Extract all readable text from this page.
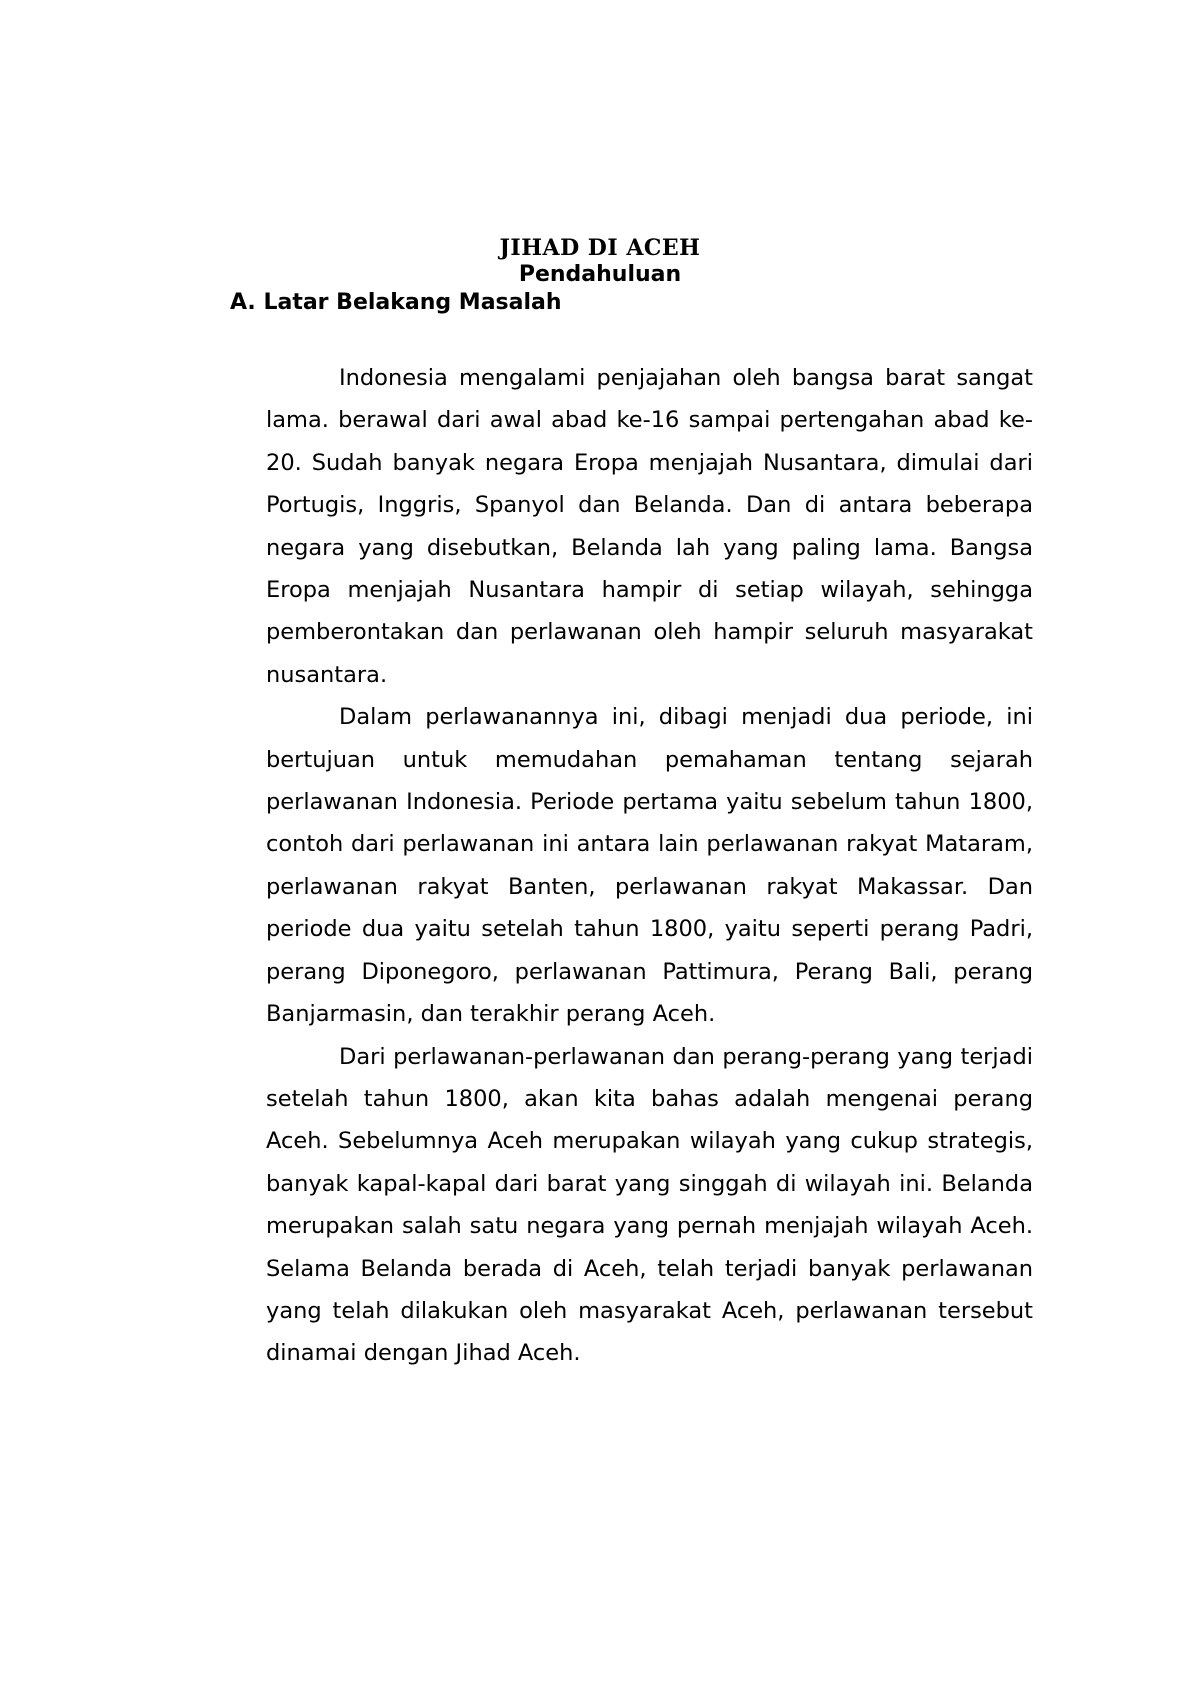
JIHAD DI ACEH
Pendahuluan
A. Latar Belakang Masalah

Indonesia mengalami penjajahan oleh bangsa barat sangat lama. berawal dari awal abad ke-16 sampai pertengahan abad ke-20. Sudah banyak negara Eropa menjajah Nusantara, dimulai dari Portugis, Inggris, Spanyol dan Belanda. Dan di antara beberapa negara yang disebutkan, Belanda lah yang paling lama. Bangsa Eropa menjajah Nusantara hampir di setiap wilayah, sehingga pemberontakan dan perlawanan oleh hampir seluruh masyarakat nusantara.

Dalam perlawanannya ini, dibagi menjadi dua periode, ini bertujuan untuk memudahan pemahaman tentang sejarah perlawanan Indonesia. Periode pertama yaitu sebelum tahun 1800, contoh dari perlawanan ini antara lain perlawanan rakyat Mataram, perlawanan rakyat Banten, perlawanan rakyat Makassar. Dan periode dua yaitu setelah tahun 1800, yaitu seperti perang Padri, perang Diponegoro, perlawanan Pattimura, Perang Bali, perang Banjarmasin, dan terakhir perang Aceh.

Dari perlawanan-perlawanan dan perang-perang yang terjadi setelah tahun 1800, akan kita bahas adalah mengenai perang Aceh. Sebelumnya Aceh merupakan wilayah yang cukup strategis, banyak kapal-kapal dari barat yang singgah di wilayah ini. Belanda merupakan salah satu negara yang pernah menjajah wilayah Aceh. Selama Belanda berada di Aceh, telah terjadi banyak perlawanan yang telah dilakukan oleh masyarakat Aceh, perlawanan tersebut dinamai dengan Jihad Aceh.
